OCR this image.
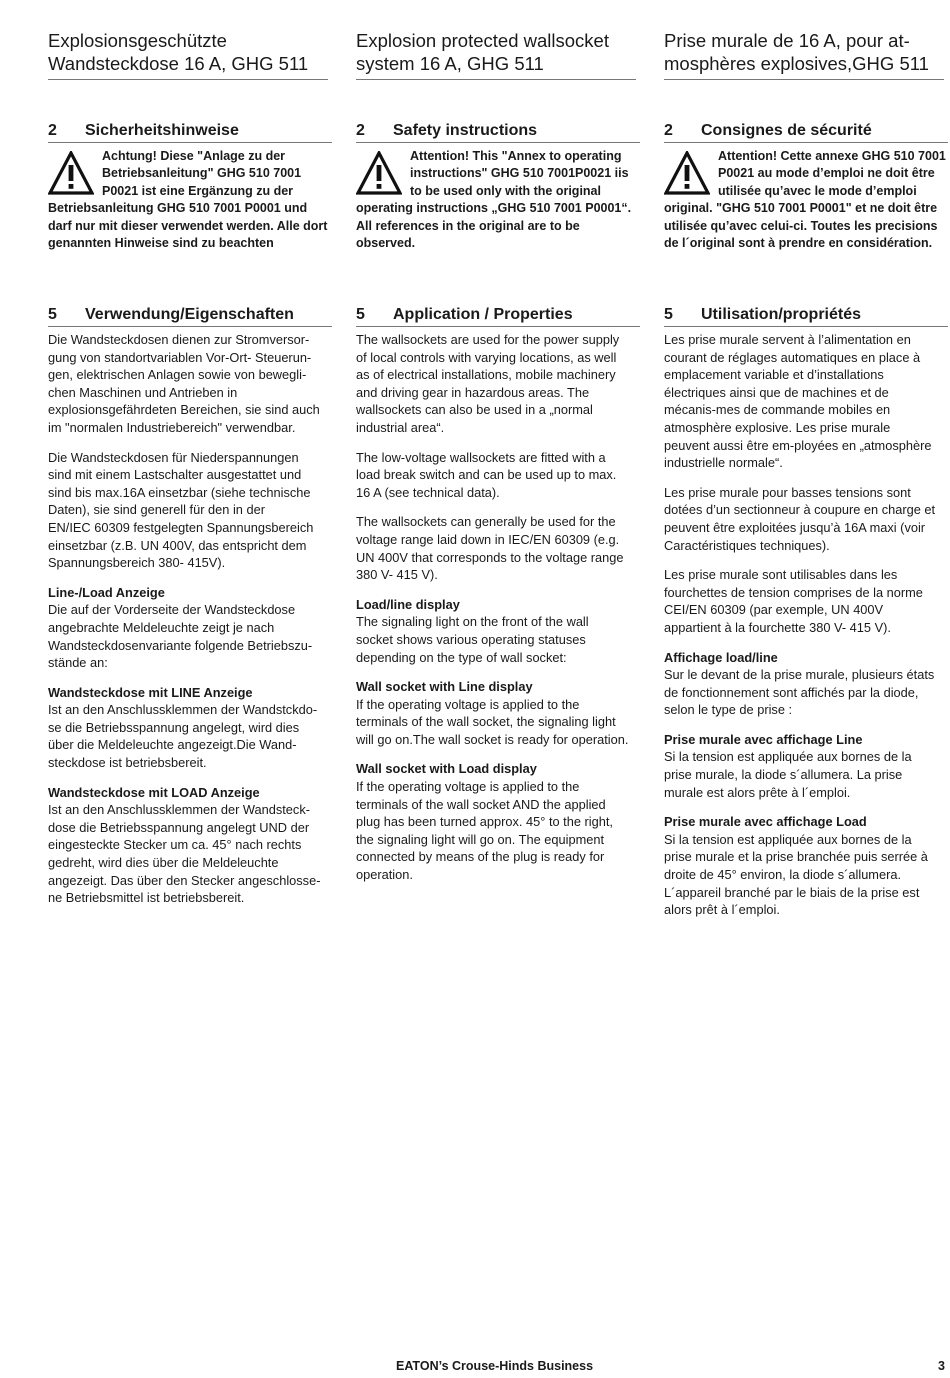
Explosionsgeschützte
Wandsteckdose 16 A, GHG 511
2 Sicherheitshinweise
Achtung! Diese "Anlage zu der Betriebsanleitung" GHG 510 7001 P0021 ist eine Ergänzung zu der Betriebsanleitung GHG 510 7001 P0001 und darf nur mit dieser verwendet werden. Alle dort genannten Hinweise sind zu beachten
5 Verwendung/Eigenschaften

Die Wandsteckdosen dienen zur Stromversor-
gung von standortvariablen Vor-Ort- Steuerun-
gen, elektrischen Anlagen sowie von bewegli-
chen Maschinen und Antrieben in
explosionsgefährdeten Bereichen, sie sind auch
im "normalen Industriebereich" verwendbar.

Die Wandsteckdosen für Niederspannungen
sind mit einem Lastschalter ausgestattet und
sind bis max.16A einsetzbar (siehe technische
Daten), sie sind generell für den in der
EN/IEC 60309 festgelegten Spannungsbereich
einsetzbar (z.B. UN 400V, das entspricht dem
Spannungsbereich 380- 415V).

Line-/Load Anzeige
Die auf der Vorderseite der Wandsteckdose
angebrachte Meldeleuchte zeigt je nach
Wandsteckdosenvariante folgende Betriebszu-
stände an:

Wandsteckdose mit LINE Anzeige
Ist an den Anschlussklemmen der Wandstckdo-
se die Betriebsspannung angelegt, wird dies
über die Meldeleuchte angezeigt.Die Wand-
steckdose ist betriebsbereit.

Wandsteckdose mit LOAD Anzeige
Ist an den Anschlussklemmen der Wandsteck-
dose die Betriebsspannung angelegt UND der
eingesteckte Stecker um ca. 45° nach rechts
gedreht, wird dies über die Meldeleuchte
angezeigt. Das über den Stecker angeschlosse-
ne Betriebsmittel ist betriebsbereit.

Explosion protected wallsocket
system 16 A, GHG 511
2 Safety instructions
Attention! This "Annex to operating instructions" GHG 510 7001P0021 iis to be used only with the original operating instructions „GHG 510 7001 P0001“. All references in the original are to be observed.
5 Application / Properties

The wallsockets are used for the power supply
of local controls with varying locations, as well
as of electrical installations, mobile machinery
and driving gear in hazardous areas. The
wallsockets can also be used in a „normal
industrial area“.

The low-voltage wallsockets are fitted with a
load break switch and can be used up to max.
16 A (see technical data).

The wallsockets can generally be used for the
voltage range laid down in IEC/EN 60309 (e.g.
UN 400V that corresponds to the voltage range
380 V- 415 V).

Load/line display
The signaling light on the front of the wall
socket shows various operating statuses
depending on the type of wall socket:

Wall socket with Line display
If the operating voltage is applied to the
terminals of the wall socket, the signaling light
will go on.The wall socket is ready for operation.

Wall socket with Load display
If the operating voltage is applied to the
terminals of the wall socket AND the applied
plug has been turned approx. 45° to the right,
the signaling light will go on. The equipment
connected by means of the plug is ready for
operation.

Prise murale de 16 A, pour at-
mosphères explosives,GHG 511
2 Consignes de sécurité
Attention! Cette annexe GHG 510 7001 P0021 au mode d’emploi ne doit être utilisée qu’avec le mode d’emploi original. "GHG 510 7001 P0001" et ne doit être utilisée qu’avec celui-ci. Toutes les precisions de l´original sont à prendre en considération.
5 Utilisation/propriétés

Les prise murale servent à l’alimentation en
courant de réglages automatiques en place à
emplacement variable et d’installations
électriques ainsi que de machines et de
mécanis-mes de commande mobiles en
atmosphère explosive. Les prise murale
peuvent aussi être em-ployées en „atmosphère
industrielle normale“.

Les prise murale pour basses tensions sont
dotées d’un sectionneur à coupure en charge et
peuvent être exploitées jusqu’à 16A maxi (voir
Caractéristiques techniques).

Les prise murale sont utilisables dans les
fourchettes de tension comprises de la norme
CEI/EN 60309 (par exemple, UN 400V
appartient à la fourchette 380 V- 415 V).

Affichage load/line
Sur le devant de la prise murale, plusieurs états
de fonctionnement sont affichés par la diode,
selon le type de prise :

Prise murale avec affichage Line
Si la tension est appliquée aux bornes de la
prise murale, la diode s´allumera. La prise
murale est alors prête à l´emploi.

Prise murale avec affichage Load
Si la tension est appliquée aux bornes de la
prise murale et la prise branchée puis serrée à
droite de 45° environ, la diode s´allumera.
L´appareil branché par le biais de la prise est
alors prêt à l´emploi.

EATON’s Crouse-Hinds Business	3
